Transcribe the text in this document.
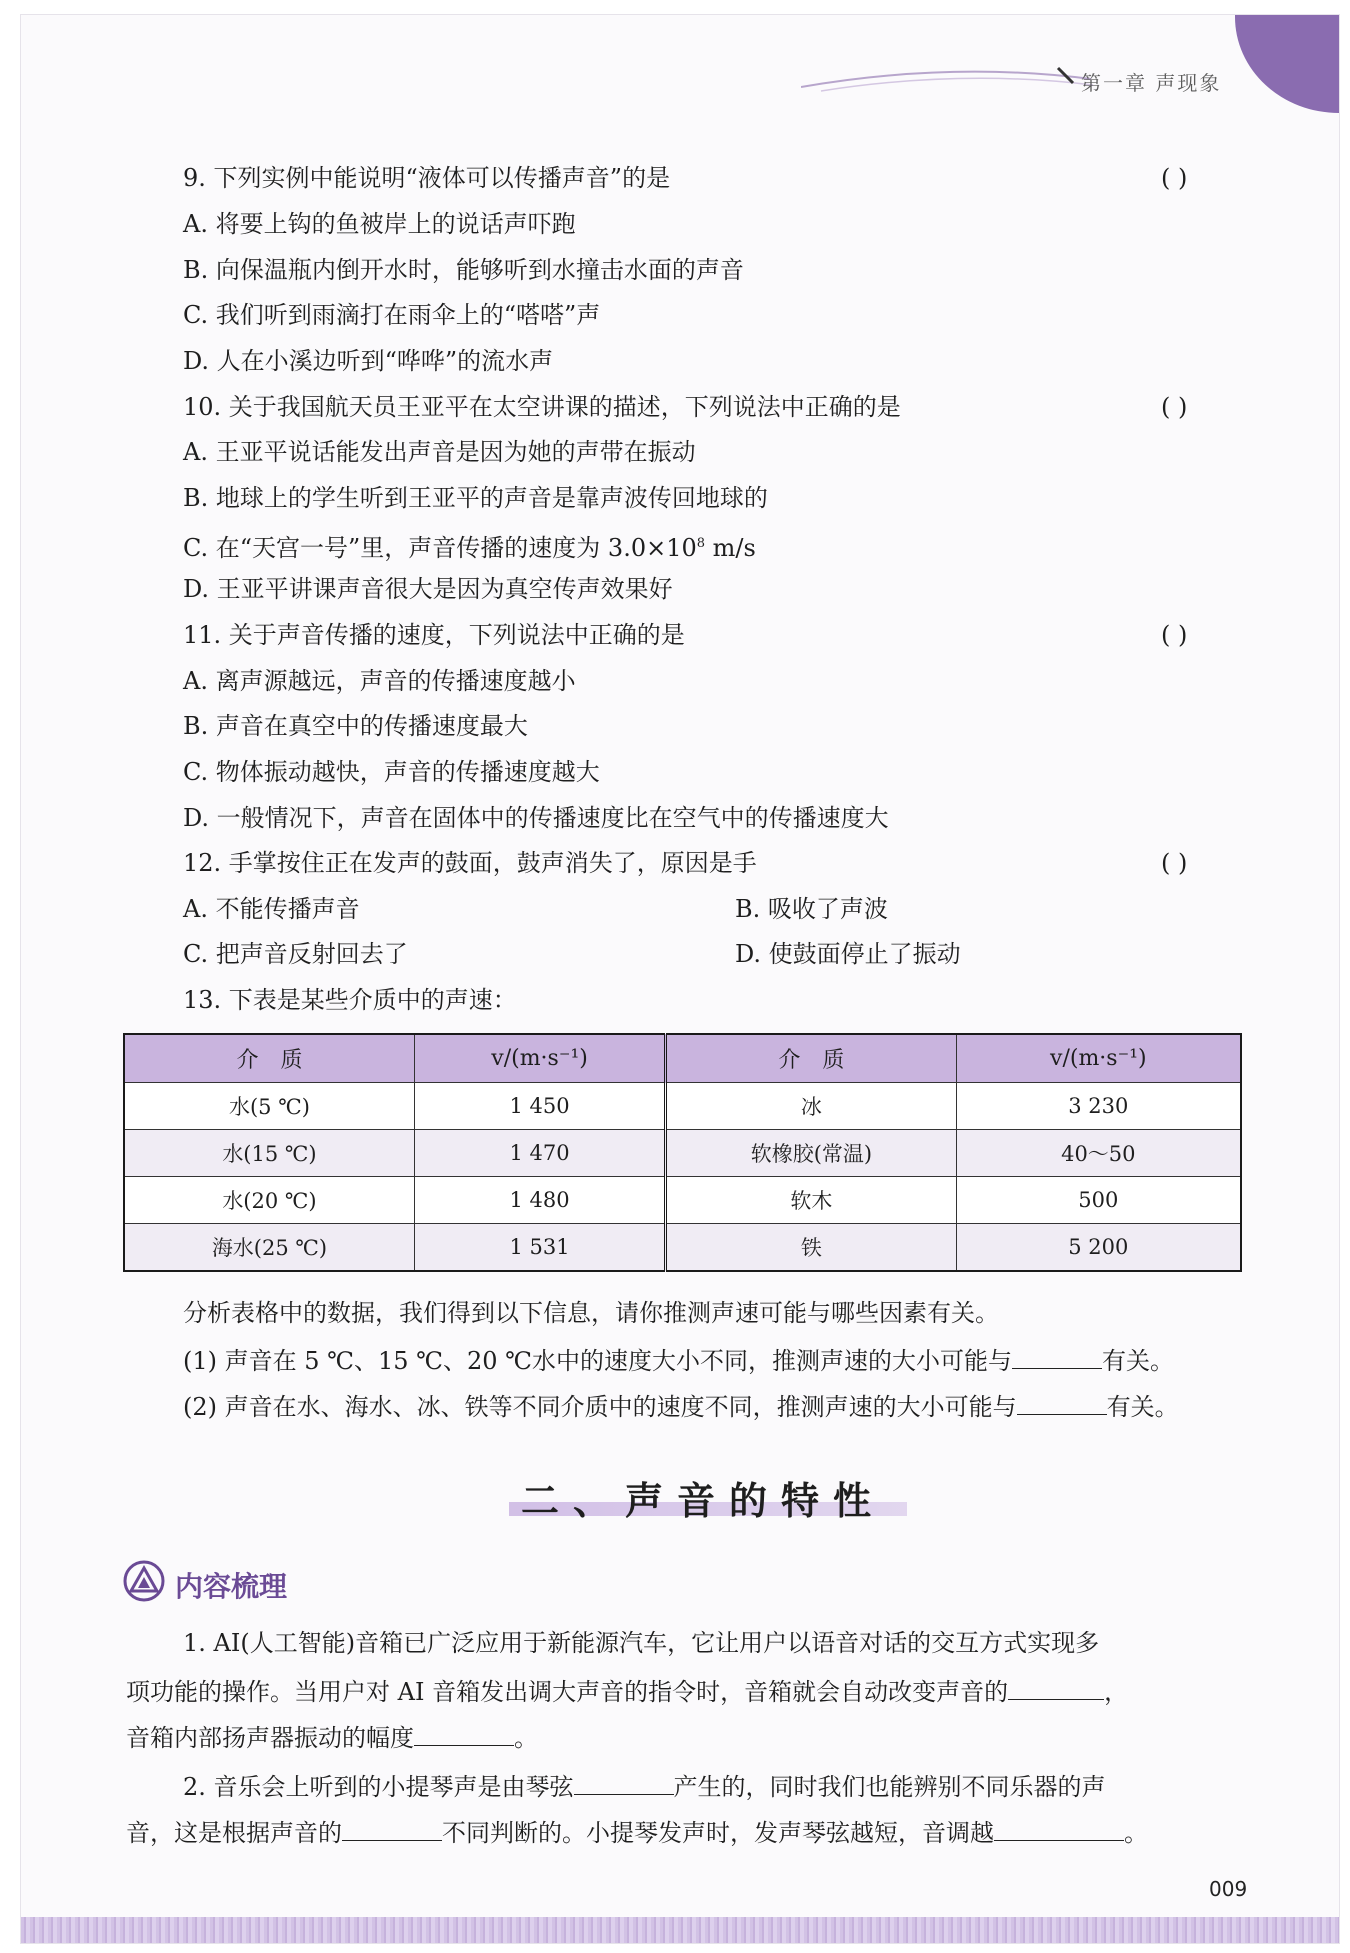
第一章 声现象
9. 下列实例中能说明“液体可以传播声音”的是	( )
A. 将要上钩的鱼被岸上的说话声吓跑
B. 向保温瓶内倒开水时，能够听到水撞击水面的声音
C. 我们听到雨滴打在雨伞上的“嗒嗒”声
D. 人在小溪边听到“哗哗”的流水声
10. 关于我国航天员王亚平在太空讲课的描述，下列说法中正确的是	( )
A. 王亚平说话能发出声音是因为她的声带在振动
B. 地球上的学生听到王亚平的声音是靠声波传回地球的
C. 在“天宫一号”里，声音传播的速度为 $3.0\times 10^8$ m/s
D. 王亚平讲课声音很大是因为真空传声效果好
11. 关于声音传播的速度，下列说法中正确的是	( )
A. 离声源越远，声音的传播速度越小
B. 声音在真空中的传播速度最大
C. 物体振动越快，声音的传播速度越大
D. 一般情况下，声音在固体中的传播速度比在空气中的传播速度大
12. 手掌按住正在发声的鼓面，鼓声消失了，原因是手	( )
A. 不能传播声音	B. 吸收了声波
C. 把声音反射回去了	D. 使鼓面停止了振动
13. 下表是某些介质中的声速：
介　质	v/(m·s⁻¹)	介　质	v/(m·s⁻¹)
水(5 ℃)	1 450	冰	3 230
水(15 ℃)	1 470	软橡胶(常温)	40～50
水(20 ℃)	1 480	软木	500
海水(25 ℃)	1 531	铁	5 200
分析表格中的数据，我们得到以下信息，请你推测声速可能与哪些因素有关。
(1) 声音在 5 ℃、15 ℃、20 ℃水中的速度大小不同，推测声速的大小可能与	有关。
(2) 声音在水、海水、冰、铁等不同介质中的速度不同，推测声速的大小可能与	有关。
二、声音的特性
内容梳理
1. AI(人工智能)音箱已广泛应用于新能源汽车，它让用户以语音对话的交互方式实现多
项功能的操作。当用户对 AI 音箱发出调大声音的指令时，音箱就会自动改变声音的	，
音箱内部扬声器振动的幅度	。
2. 音乐会上听到的小提琴声是由琴弦	产生的，同时我们也能辨别不同乐器的声
音，这是根据声音的	不同判断的。小提琴发声时，发声琴弦越短，音调越	。
009
